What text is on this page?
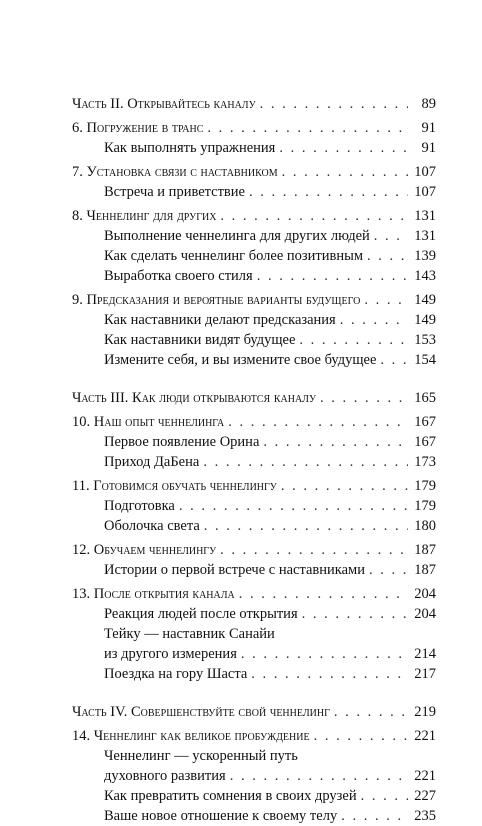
Часть II. Открывайтесь каналу . . .	89
6. Погружение в транс . . .	91
Как выполнять упражнения . . .	91
7. Установка связи с наставником . . .	107
Встреча и приветствие . . .	107
8. Ченнелинг для других . . .	131
Выполнение ченнелинга для других людей . . .	131
Как сделать ченнелинг более позитивным . . .	139
Выработка своего стиля . . .	143
9. Предсказания и вероятные варианты будущего . . .	149
Как наставники делают предсказания . . .	149
Как наставники видят будущее . . .	153
Измените себя, и вы измените свое будущее . . .	154
Часть III. Как люди открываются каналу . . .	165
10. Наш опыт ченнелинга . . .	167
Первое появление Орина . . .	167
Приход ДаБена . . .	173
11. Готовимся обучать ченнелингу . . .	179
Подготовка . . .	179
Оболочка света . . .	180
12. Обучаем ченнелингу . . .	187
Истории о первой встрече с наставниками . . .	187
13. После открытия канала . . .	204
Реакция людей после открытия . . .	204
Тейку — наставник Санайи
из другого измерения . . .	214
Поездка на гору Шаста . . .	217
Часть IV. Совершенствуйте свой ченнелинг . . .	219
14. Ченнелинг как великое пробуждение . . .	221
Ченнелинг — ускоренный путь
духовного развития . . .	221
Как превратить сомнения в своих друзей . . .	227
Ваше новое отношение к своему телу . . .	235
